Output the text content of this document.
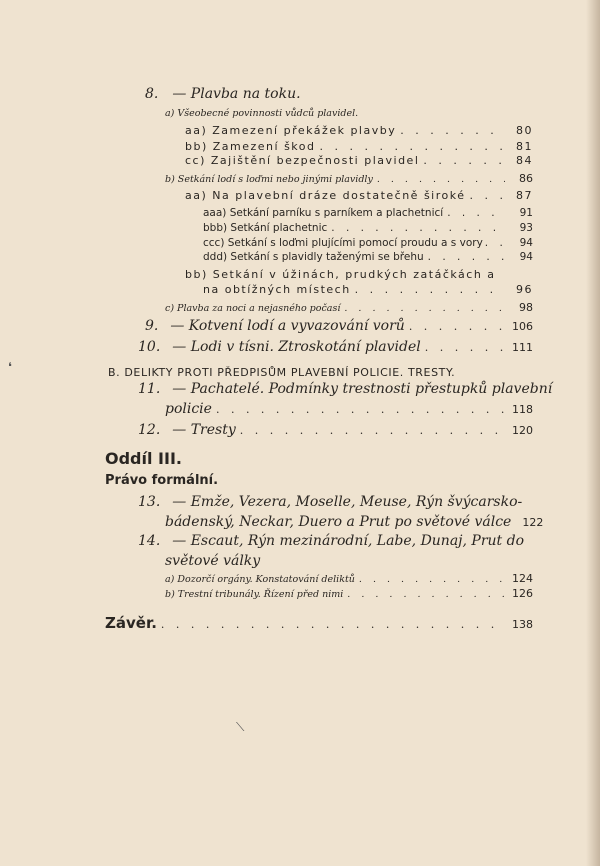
8. — Plavba na toku.
a) Všeobecné povinnosti vůdců plavidel.
aa) Zamezení překážek plavby . . .	80
bb) Zamezení škod . . .	81
cc) Zajištění bezpečnosti plavidel . . .	84
b) Setkání lodí s loďmi nebo jinými plavidly . . .	86
aa) Na plavební dráze dostatečně široké . . .	87
aaa) Setkání parníku s parníkem a plachetnicí . . .	91
bbb) Setkání plachetnic . . .	93
ccc) Setkání s loďmi plujícími pomocí proudu a s vory . . .	94
ddd) Setkání s plavidly taženými se břehu . . .	94
bb) Setkání v úžinách, prudkých zatáčkách a
na obtížných místech . . .	96
c) Plavba za noci a nejasného počasí . . .	98
9. — Kotvení lodí a vyvazování vorů . . .	106
10. — Lodi v tísni. Ztroskotání plavidel . . .	111
B. DELIKTY PROTI PŘEDPISŮM PLAVEBNÍ POLICIE. TRESTY.
11. — Pachatelé. Podmínky trestnosti přestupků plavební
policie . . .	118
12. — Tresty . . .	120
Oddíl III.
Právo formální.
13. — Emže, Vezera, Moselle, Meuse, Rýn švýcarsko-
bádenský, Neckar, Duero a Prut po světové válce 122
14. — Escaut, Rýn mezinárodní, Labe, Dunaj, Prut do
světové války
a) Dozorčí orgány. Konstatování deliktů . . .	124
b) Trestní tribunály. Řízení před nimi . . .	126
Závěr. . . .	138
❛
⟍
